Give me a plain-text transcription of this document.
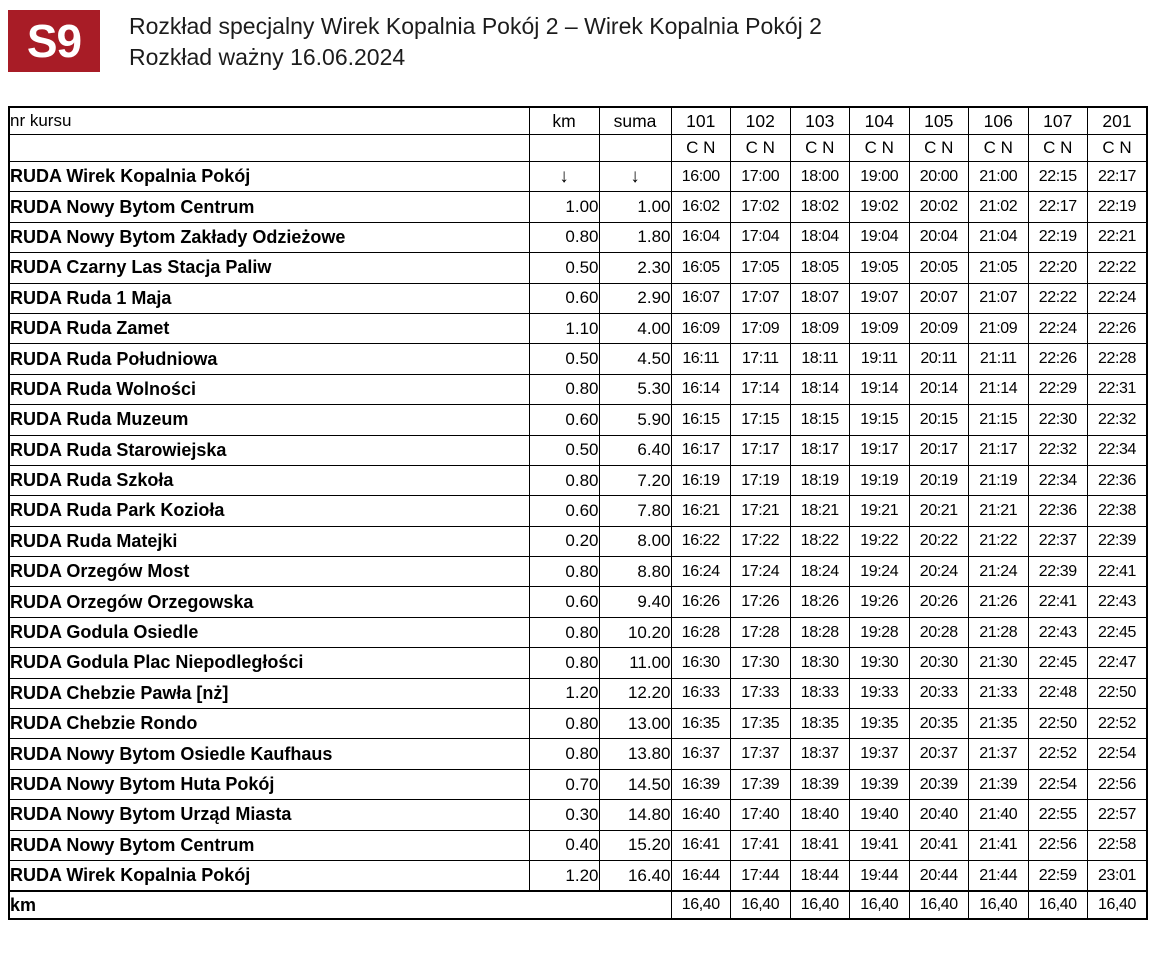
S9	Rozkład specjalny Wirek Kopalnia Pokój 2 – Wirek Kopalnia Pokój 2
Rozkład ważny 16.06.2024
nr kursu	km	suma	101	102	103	104	105	106	107	201
			C N	C N	C N	C N	C N	C N	C N	C N
RUDA Wirek Kopalnia Pokój	↓	↓	16:00	17:00	18:00	19:00	20:00	21:00	22:15	22:17
RUDA Nowy Bytom Centrum	1.00	1.00	16:02	17:02	18:02	19:02	20:02	21:02	22:17	22:19
RUDA Nowy Bytom Zakłady Odzieżowe	0.80	1.80	16:04	17:04	18:04	19:04	20:04	21:04	22:19	22:21
RUDA Czarny Las Stacja Paliw	0.50	2.30	16:05	17:05	18:05	19:05	20:05	21:05	22:20	22:22
RUDA Ruda 1 Maja	0.60	2.90	16:07	17:07	18:07	19:07	20:07	21:07	22:22	22:24
RUDA Ruda Zamet	1.10	4.00	16:09	17:09	18:09	19:09	20:09	21:09	22:24	22:26
RUDA Ruda Południowa	0.50	4.50	16:11	17:11	18:11	19:11	20:11	21:11	22:26	22:28
RUDA Ruda Wolności	0.80	5.30	16:14	17:14	18:14	19:14	20:14	21:14	22:29	22:31
RUDA Ruda Muzeum	0.60	5.90	16:15	17:15	18:15	19:15	20:15	21:15	22:30	22:32
RUDA Ruda Starowiejska	0.50	6.40	16:17	17:17	18:17	19:17	20:17	21:17	22:32	22:34
RUDA Ruda Szkoła	0.80	7.20	16:19	17:19	18:19	19:19	20:19	21:19	22:34	22:36
RUDA Ruda Park Kozioła	0.60	7.80	16:21	17:21	18:21	19:21	20:21	21:21	22:36	22:38
RUDA Ruda Matejki	0.20	8.00	16:22	17:22	18:22	19:22	20:22	21:22	22:37	22:39
RUDA Orzegów Most	0.80	8.80	16:24	17:24	18:24	19:24	20:24	21:24	22:39	22:41
RUDA Orzegów Orzegowska	0.60	9.40	16:26	17:26	18:26	19:26	20:26	21:26	22:41	22:43
RUDA Godula Osiedle	0.80	10.20	16:28	17:28	18:28	19:28	20:28	21:28	22:43	22:45
RUDA Godula Plac Niepodległości	0.80	11.00	16:30	17:30	18:30	19:30	20:30	21:30	22:45	22:47
RUDA Chebzie Pawła [nż]	1.20	12.20	16:33	17:33	18:33	19:33	20:33	21:33	22:48	22:50
RUDA Chebzie Rondo	0.80	13.00	16:35	17:35	18:35	19:35	20:35	21:35	22:50	22:52
RUDA Nowy Bytom Osiedle Kaufhaus	0.80	13.80	16:37	17:37	18:37	19:37	20:37	21:37	22:52	22:54
RUDA Nowy Bytom Huta Pokój	0.70	14.50	16:39	17:39	18:39	19:39	20:39	21:39	22:54	22:56
RUDA Nowy Bytom Urząd Miasta	0.30	14.80	16:40	17:40	18:40	19:40	20:40	21:40	22:55	22:57
RUDA Nowy Bytom Centrum	0.40	15.20	16:41	17:41	18:41	19:41	20:41	21:41	22:56	22:58
RUDA Wirek Kopalnia Pokój	1.20	16.40	16:44	17:44	18:44	19:44	20:44	21:44	22:59	23:01
km			16,40	16,40	16,40	16,40	16,40	16,40	16,40	16,40
